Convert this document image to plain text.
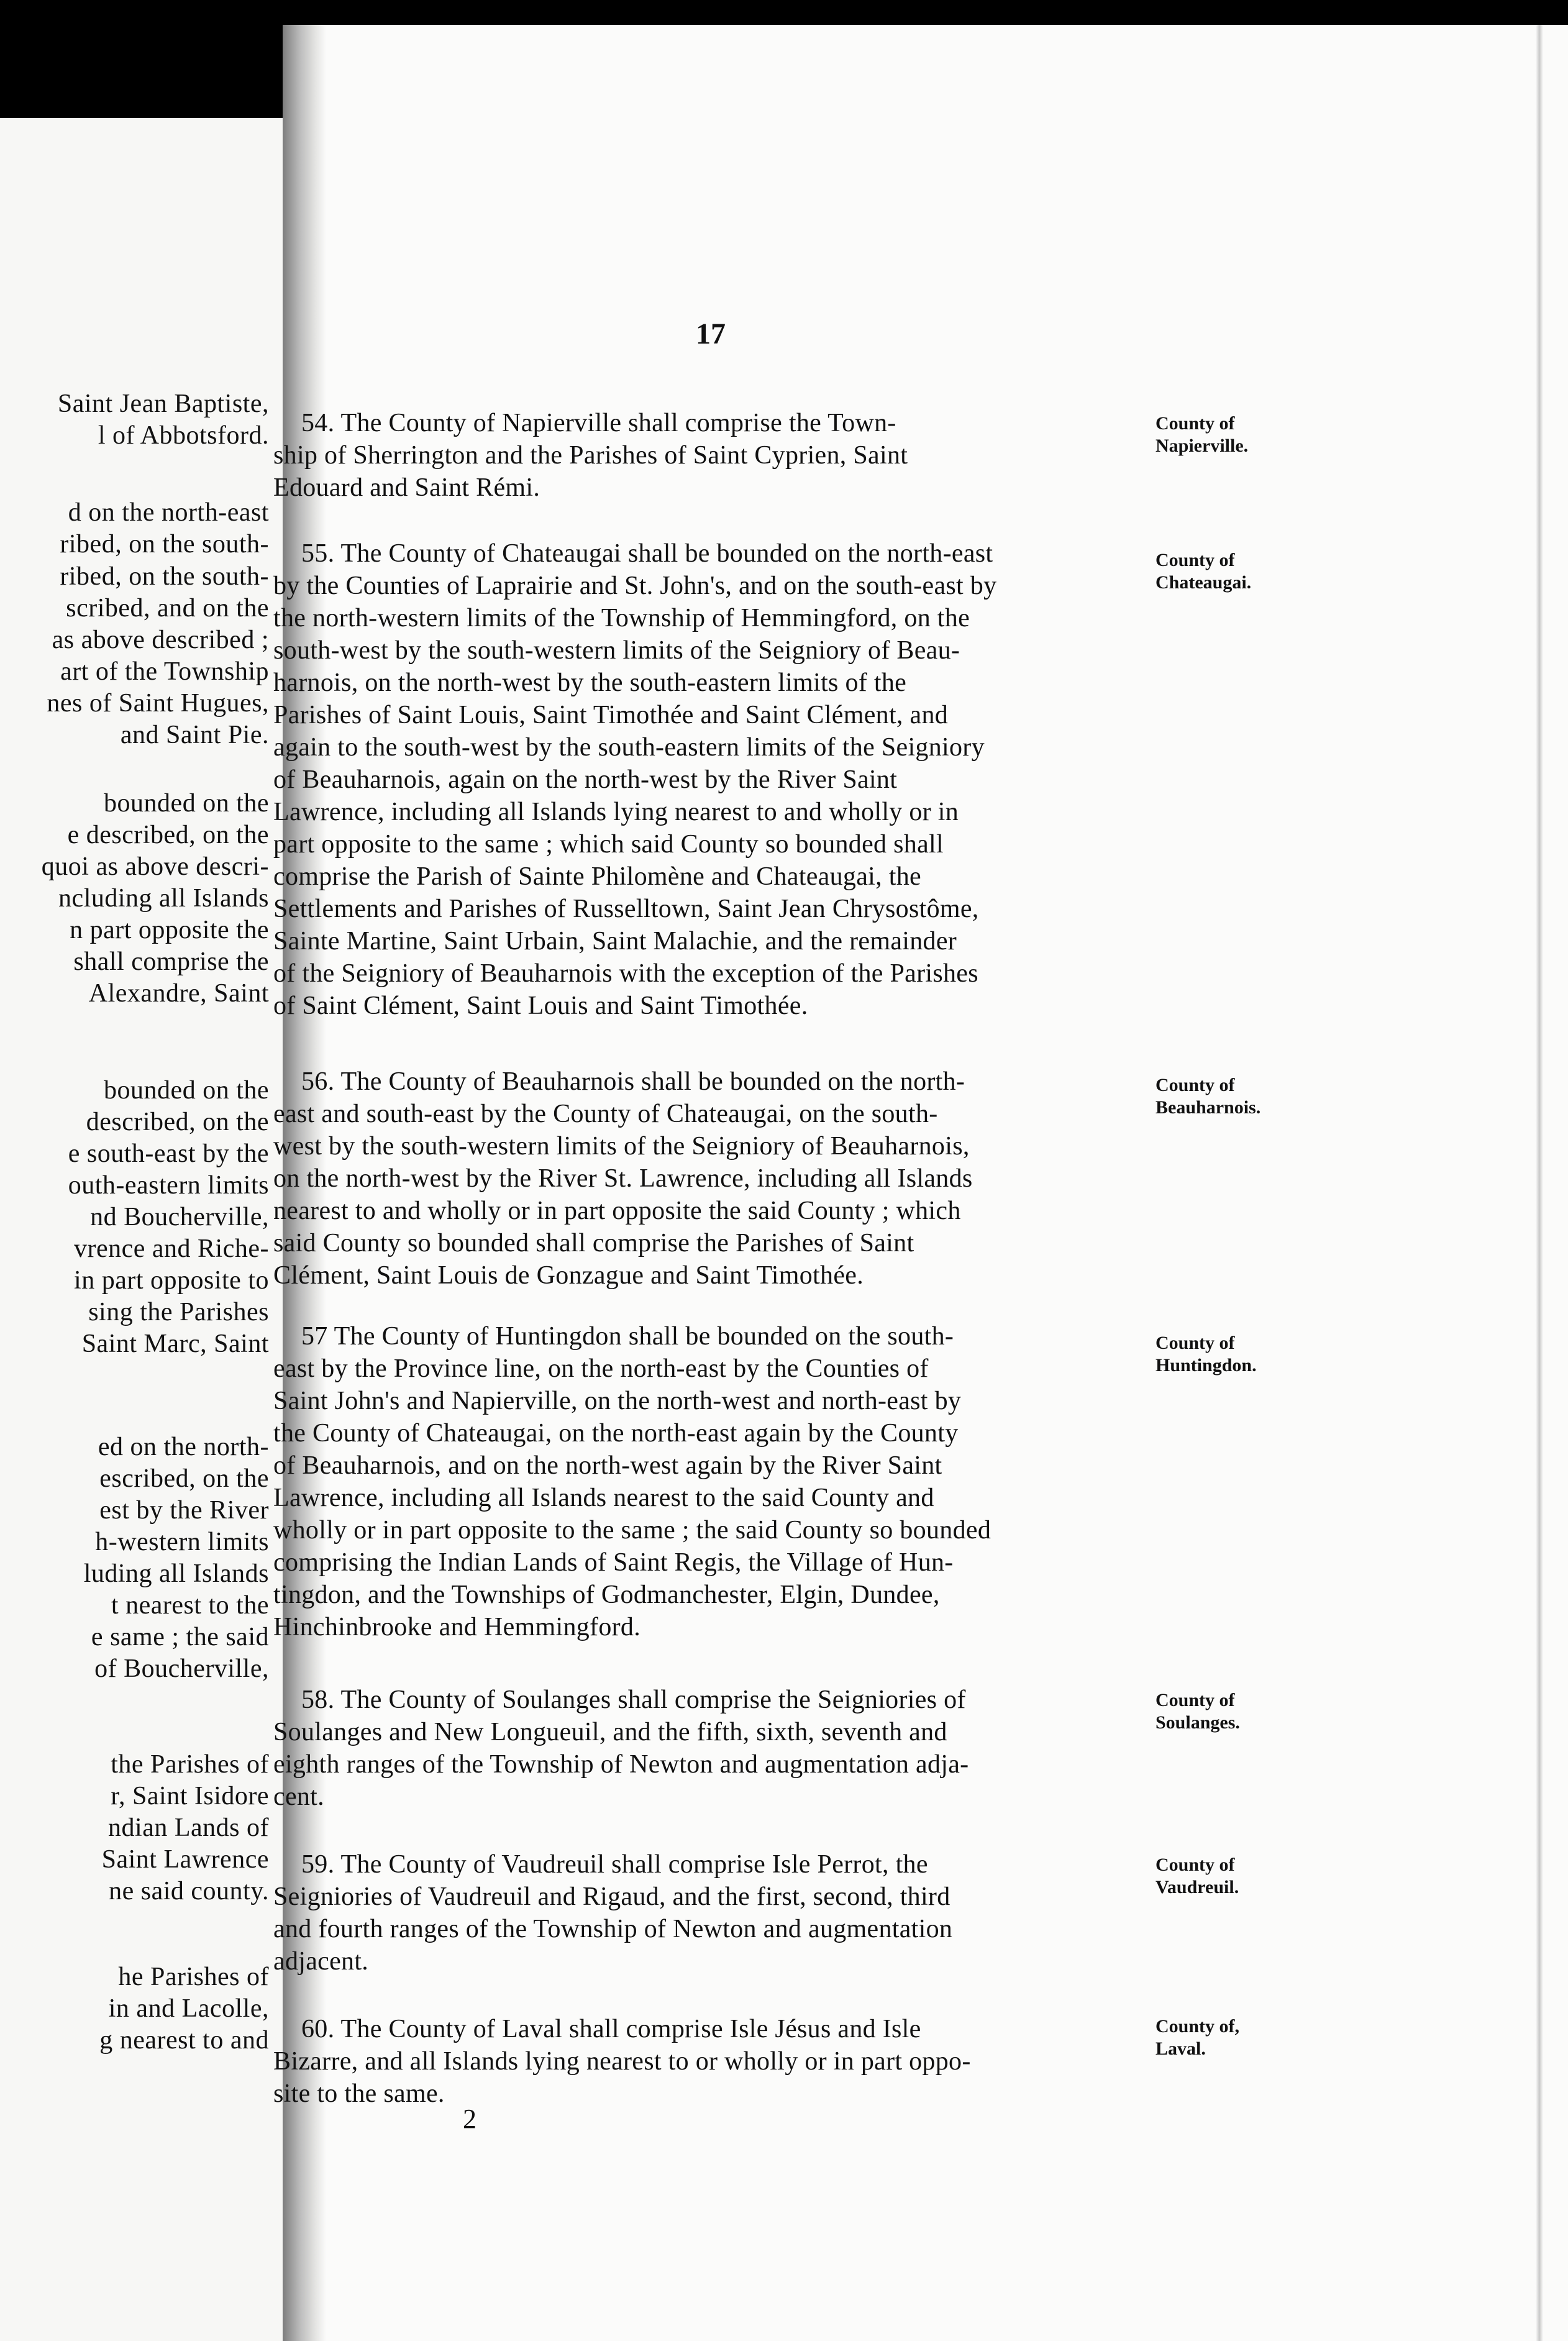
Saint Jean Baptiste,
l of Abbotsford.
d on the north-east
ribed, on the south-
ribed, on the south-
scribed, and on the
as above described ;
art of the Township
nes of Saint Hugues,
and Saint Pie.
bounded on the
e described, on the
quoi as above descri-
ncluding all Islands
n part opposite the
shall comprise the
Alexandre, Saint
bounded on the
described, on the
e south-east by the
outh-eastern limits
nd Boucherville,
vrence and Riche-
in part opposite to
sing the Parishes
Saint Marc, Saint
ed on the north-
escribed, on the
est by the River
h-western limits
luding all Islands
t nearest to the
e same ; the said
of Boucherville,
the Parishes of
r, Saint Isidore
ndian Lands of
Saint Lawrence
ne said county.
he Parishes of
in and Lacolle,
g nearest to and
17
54. The County of Napierville shall comprise the Town-
ship of Sherrington and the Parishes of Saint Cyprien, Saint
Edouard and Saint Rémi.
County of
Napierville.
55. The County of Chateaugai shall be bounded on the north-east
by the Counties of Laprairie and St. John's, and on the south-east by
the north-western limits of the Township of Hemmingford, on the
south-west by the south-western limits of the Seigniory of Beau-
harnois, on the north-west by the south-eastern limits of the
Parishes of Saint Louis, Saint Timothée and Saint Clément, and
again to the south-west by the south-eastern limits of the Seigniory
of Beauharnois, again on the north-west by the River Saint
Lawrence, including all Islands lying nearest to and wholly or in
part opposite to the same ; which said County so bounded shall
comprise the Parish of Sainte Philomène and Chateaugai, the
Settlements and Parishes of Russelltown, Saint Jean Chrysostôme,
Sainte Martine, Saint Urbain, Saint Malachie, and the remainder
of the Seigniory of Beauharnois with the exception of the Parishes
of Saint Clément, Saint Louis and Saint Timothée.
County of
Chateaugai.
56. The County of Beauharnois shall be bounded on the north-
east and south-east by the County of Chateaugai, on the south-
west by the south-western limits of the Seigniory of Beauharnois,
on the north-west by the River St. Lawrence, including all Islands
nearest to and wholly or in part opposite the said County ; which
said County so bounded shall comprise the Parishes of Saint
Clément, Saint Louis de Gonzague and Saint Timothée.
County of
Beauharnois.
57 The County of Huntingdon shall be bounded on the south-
east by the Province line, on the north-east by the Counties of
Saint John's and Napierville, on the north-west and north-east by
the County of Chateaugai, on the north-east again by the County
of Beauharnois, and on the north-west again by the River Saint
Lawrence, including all Islands nearest to the said County and
wholly or in part opposite to the same ; the said County so bounded
comprising the Indian Lands of Saint Regis, the Village of Hun-
tingdon, and the Townships of Godmanchester, Elgin, Dundee,
Hinchinbrooke and Hemmingford.
County of
Huntingdon.
58. The County of Soulanges shall comprise the Seigniories of
Soulanges and New Longueuil, and the fifth, sixth, seventh and
eighth ranges of the Township of Newton and augmentation adja-
cent.
County of
Soulanges.
59. The County of Vaudreuil shall comprise Isle Perrot, the
Seigniories of Vaudreuil and Rigaud, and the first, second, third
and fourth ranges of the Township of Newton and augmentation
adjacent.
County of
Vaudreuil.
60. The County of Laval shall comprise Isle Jésus and Isle
Bizarre, and all Islands lying nearest to or wholly or in part oppo-
site to the same.
County of,
Laval.
2
